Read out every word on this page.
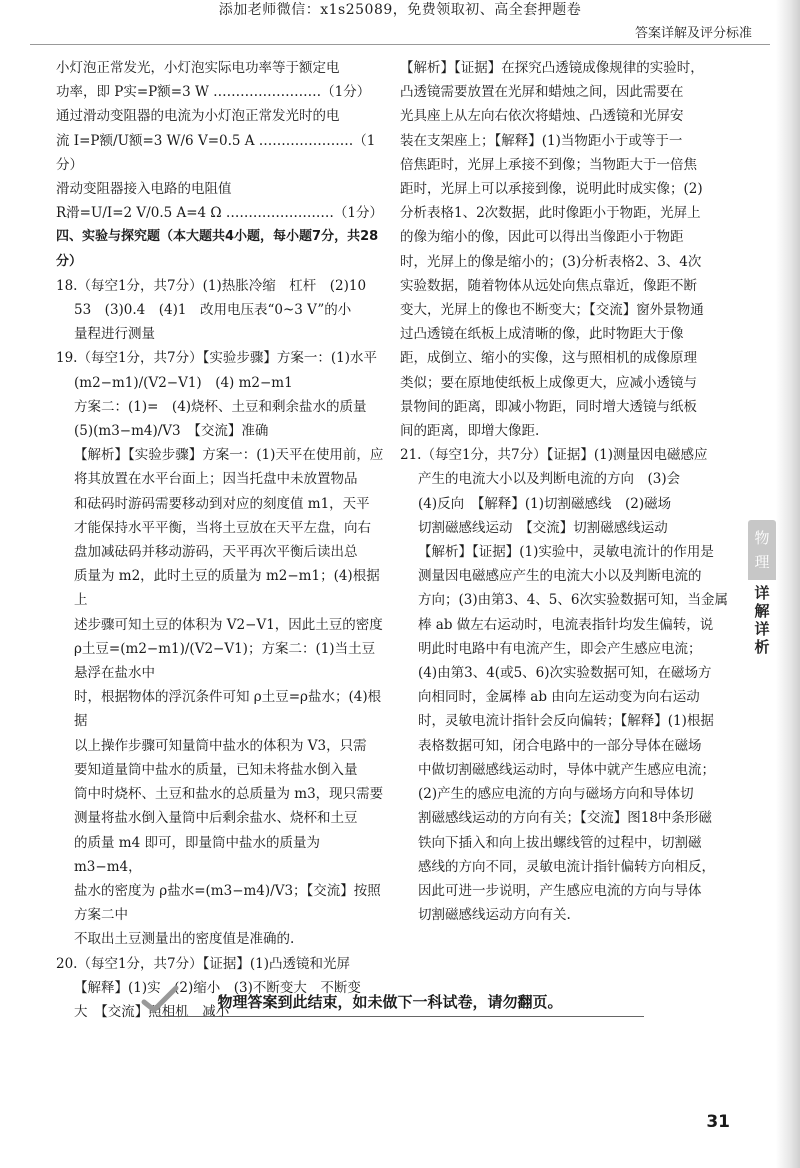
添加老师微信：x1s25089，免费领取初、高全套押题卷
答案详解及评分标准

小灯泡正常发光，小灯泡实际电功率等于额定电

功率，即 P实=P额=3 W ……………………（1分）

通过滑动变阻器的电流为小灯泡正常发光时的电

流 I=P额/U额=3 W/6 V=0.5 A …………………（1分）

滑动变阻器接入电路的电阻值

R滑=U/I=2 V/0.5 A=4 Ω ……………………（1分）

四、实验与探究题（本大题共4小题，每小题7分，共28分）

18.（每空1分，共7分）(1)热胀冷缩　杠杆　(2)10

53　(3)0.4　(4)1　改用电压表“0~3 V”的小

量程进行测量

19.（每空1分，共7分）【实验步骤】方案一：(1)水平

(m2−m1)/(V2−V1)　(4) m2−m1

方案二：(1)=　(4)烧杯、土豆和剩余盐水的质量

(5)(m3−m4)/V3　【交流】准确

【解析】【实验步骤】方案一：(1)天平在使用前，应

将其放置在水平台面上；因当托盘中未放置物品

和砝码时游码需要移动到对应的刻度值 m1，天平

才能保持水平平衡，当将土豆放在天平左盘，向右

盘加减砝码并移动游码，天平再次平衡后读出总

质量为 m2，此时土豆的质量为 m2−m1；(4)根据上

述步骤可知土豆的体积为 V2−V1，因此土豆的密度

ρ土豆=(m2−m1)/(V2−V1)；方案二：(1)当土豆悬浮在盐水中

时，根据物体的浮沉条件可知 ρ土豆=ρ盐水；(4)根据

以上操作步骤可知量筒中盐水的体积为 V3，只需

要知道量筒中盐水的质量，已知未将盐水倒入量

筒中时烧杯、土豆和盐水的总质量为 m3，现只需要

测量将盐水倒入量筒中后剩余盐水、烧杯和土豆

的质量 m4 即可，即量筒中盐水的质量为 m3−m4，

盐水的密度为 ρ盐水=(m3−m4)/V3；【交流】按照方案二中

不取出土豆测量出的密度值是准确的.

20.（每空1分，共7分）【证据】(1)凸透镜和光屏

【解释】(1)实　(2)缩小　(3)不断变大　不断变

大　【交流】照相机　减小

【解析】【证据】在探究凸透镜成像规律的实验时，

凸透镜需要放置在光屏和蜡烛之间，因此需要在

光具座上从左向右依次将蜡烛、凸透镜和光屏安

装在支架座上；【解释】(1)当物距小于或等于一

倍焦距时，光屏上承接不到像；当物距大于一倍焦

距时，光屏上可以承接到像，说明此时成实像；(2)

分析表格1、2次数据，此时像距小于物距，光屏上

的像为缩小的像，因此可以得出当像距小于物距

时，光屏上的像是缩小的；(3)分析表格2、3、4次

实验数据，随着物体从远处向焦点靠近，像距不断

变大，光屏上的像也不断变大；【交流】窗外景物通

过凸透镜在纸板上成清晰的像，此时物距大于像

距，成倒立、缩小的实像，这与照相机的成像原理

类似；要在原地使纸板上成像更大，应减小透镜与

景物间的距离，即减小物距，同时增大透镜与纸板

间的距离，即增大像距.

21.（每空1分，共7分）【证据】(1)测量因电磁感应

产生的电流大小以及判断电流的方向　(3)会

(4)反向　【解释】(1)切割磁感线　(2)磁场

切割磁感线运动　【交流】切割磁感线运动

【解析】【证据】(1)实验中，灵敏电流计的作用是

测量因电磁感应产生的电流大小以及判断电流的

方向；(3)由第3、4、5、6次实验数据可知，当金属

棒 ab 做左右运动时，电流表指针均发生偏转，说

明此时电路中有电流产生，即会产生感应电流；

(4)由第3、4(或5、6)次实验数据可知，在磁场方

向相同时，金属棒 ab 由向左运动变为向右运动

时，灵敏电流计指针会反向偏转；【解释】(1)根据

表格数据可知，闭合电路中的一部分导体在磁场

中做切割磁感线运动时，导体中就产生感应电流；

(2)产生的感应电流的方向与磁场方向和导体切

割磁感线运动的方向有关；【交流】图18中条形磁

铁向下插入和向上拔出螺线管的过程中，切割磁

感线的方向不同，灵敏电流计指针偏转方向相反，

因此可进一步说明，产生感应电流的方向与导体

切割磁感线运动方向有关.

物理
详解详析
物理答案到此结束，如未做下一科试卷，请勿翻页。
31
